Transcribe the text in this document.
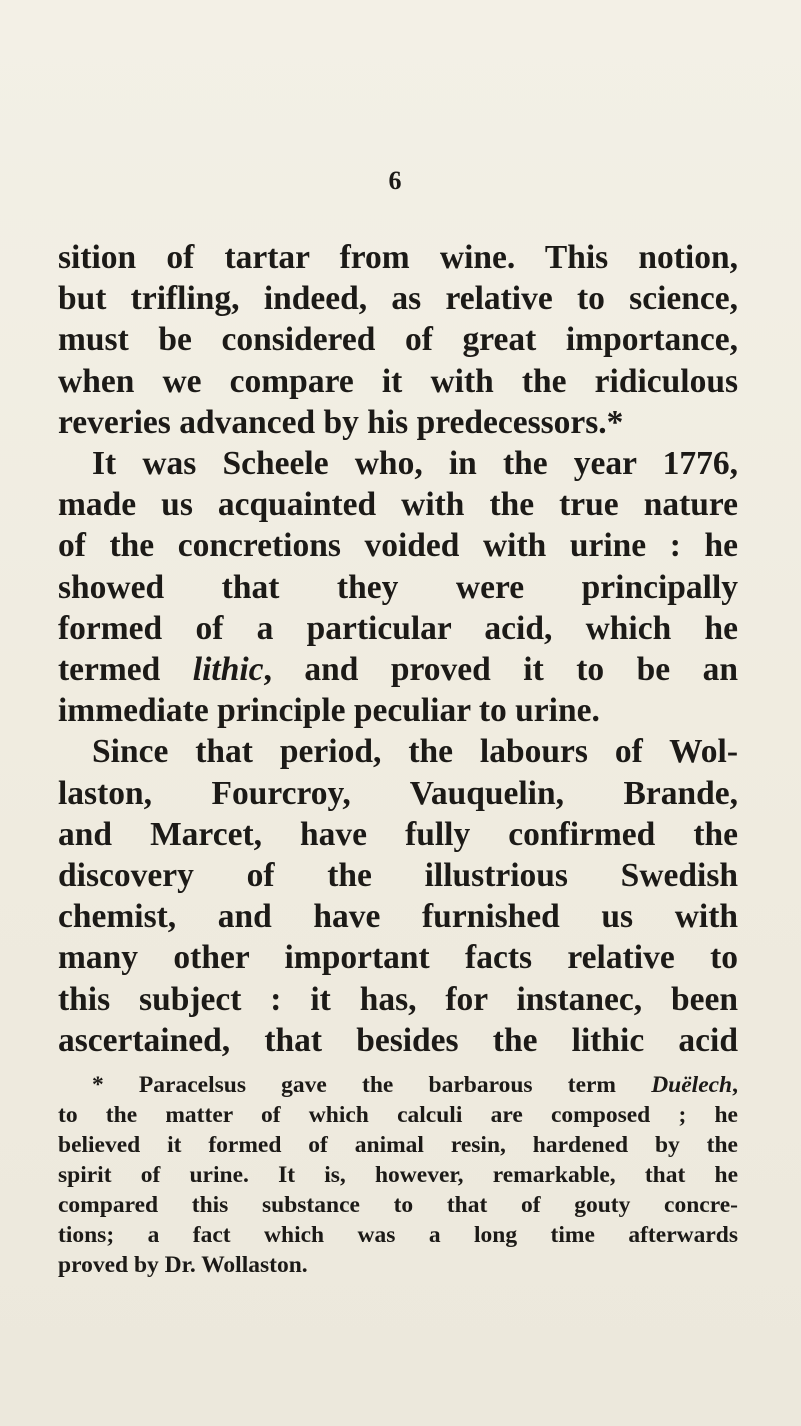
6
sition of tartar from wine. This notion,
but trifling, indeed, as relative to science,
must be considered of great importance,
when we compare it with the ridiculous
reveries advanced by his predecessors.*
It was Scheele who, in the year 1776,
made us acquainted with the true nature
of the concretions voided with urine : he
showed that they were principally
formed of a particular acid, which he
termed lithic, and proved it to be an
immediate principle peculiar to urine.
Since that period, the labours of Wol-
laston, Fourcroy, Vauquelin, Brande,
and Marcet, have fully confirmed the
discovery of the illustrious Swedish
chemist, and have furnished us with
many other important facts relative to
this subject : it has, for instanec, been
ascertained, that besides the lithic acid
* Paracelsus gave the barbarous term Duëlech,
to the matter of which calculi are composed ; he
believed it formed of animal resin, hardened by the
spirit of urine. It is, however, remarkable, that he
compared this substance to that of gouty concre-
tions; a fact which was a long time afterwards
proved by Dr. Wollaston.
